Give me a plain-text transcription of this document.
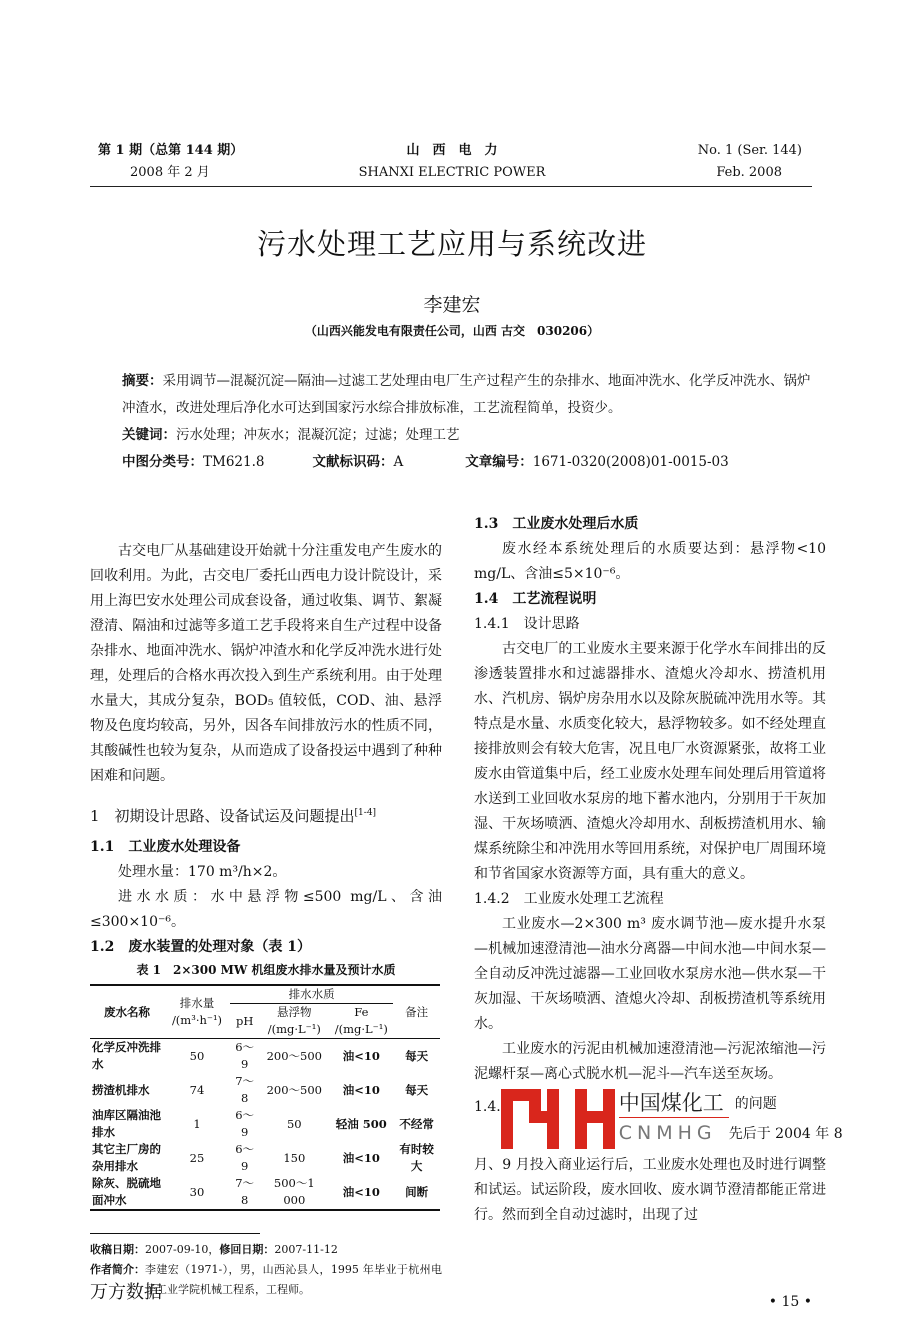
第 1 期（总第 144 期）
2008 年 2 月
山　西　电　力
SHANXI ELECTRIC POWER
No. 1 (Ser. 144)
Feb. 2008
污水处理工艺应用与系统改进
李建宏
（山西兴能发电有限责任公司，山西 古交　030206）

摘要：采用调节—混凝沉淀—隔油—过滤工艺处理由电厂生产过程产生的杂排水、地面冲洗水、化学反冲洗水、锅炉冲渣水，改进处理后净化水可达到国家污水综合排放标准，工艺流程简单，投资少。

关键词：污水处理；冲灰水；混凝沉淀；过滤；处理工艺

中图分类号：TM621.8	文献标识码：A	文章编号：1671-0320(2008)01-0015-03

古交电厂从基础建设开始就十分注重发电产生废水的回收利用。为此，古交电厂委托山西电力设计院设计，采用上海巴安水处理公司成套设备，通过收集、调节、絮凝澄清、隔油和过滤等多道工艺手段将来自生产过程中设备杂排水、地面冲洗水、锅炉冲渣水和化学反冲洗水进行处理，处理后的合格水再次投入到生产系统利用。由于处理水量大，其成分复杂，BOD₅ 值较低，COD、油、悬浮物及色度均较高，另外，因各车间排放污水的性质不同，其酸碱性也较为复杂，从而造成了设备投运中遇到了种种困难和问题。

1　初期设计思路、设备试运及问题提出[1-4]

1.1　工业废水处理设备

处理水量：170 m³/h×2。

进水水质：水中悬浮物≤500 mg/L、含油≤300×10⁻⁶。

1.2　废水装置的处理对象（表 1）

表 1　2×300 MW 机组废水排水量及预计水质

废水名称	排水量 /(m³·h⁻¹)	排水水质			备注
		pH	悬浮物 /(mg·L⁻¹)	Fe /(mg·L⁻¹)	
化学反冲洗排水	50	6～9	200～500	油<10	每天
捞渣机排水	74	7～8	200～500	油<10	每天
油库区隔油池排水	1	6～9	50	轻油 500	不经常
其它主厂房的杂用排水	25	6～9	150	油<10	有时较大
除灰、脱硫地面冲水	30	7～8	500～1 000	油<10	间断
收稿日期：2007-09-10，修回日期：2007-11-12
作者简介： 李建宏（1971-），男，山西沁县人，1995 年毕业于杭州电子工业学院机械工程系，工程师。

1.3　工业废水处理后水质

废水经本系统处理后的水质要达到：悬浮物<10 mg/L、含油≤5×10⁻⁶。

1.4　工艺流程说明

1.4.1　设计思路

古交电厂的工业废水主要来源于化学水车间排出的反渗透装置排水和过滤器排水、渣熄火冷却水、捞渣机用水、汽机房、锅炉房杂用水以及除灰脱硫冲洗用水等。其特点是水量、水质变化较大，悬浮物较多。如不经处理直接排放则会有较大危害，况且电厂水资源紧张，故将工业废水由管道集中后，经工业废水处理车间处理后用管道将水送到工业回收水泵房的地下蓄水池内，分别用于干灰加湿、干灰场喷洒、渣熄火冷却用水、刮板捞渣机用水、输煤系统除尘和冲洗用水等回用系统，对保护电厂周围环境和节省国家水资源等方面，具有重大的意义。

1.4.2　工业废水处理工艺流程

工业废水—2×300 m³ 废水调节池—废水提升水泵—机械加速澄清池—油水分离器—中间水池—中间水泵—全自动反冲洗过滤器—工业回收水泵房水池—供水泵—干灰加湿、干灰场喷洒、渣熄火冷却、刮板捞渣机等系统用水。

工业废水的污泥由机械加速澄清池—污泥浓缩池—污泥螺杆泵—离心式脱水机—泥斗—汽车送至灰场。

1.4.	中国煤化工
CNMHG
的问题
先后于 2004 年 8

月、9 月投入商业运行后，工业废水处理也及时进行调整和试运。试运阶段，废水回收、废水调节澄清都能正常进行。然而到全自动过滤时，出现了过

• 15 •
万方数据
